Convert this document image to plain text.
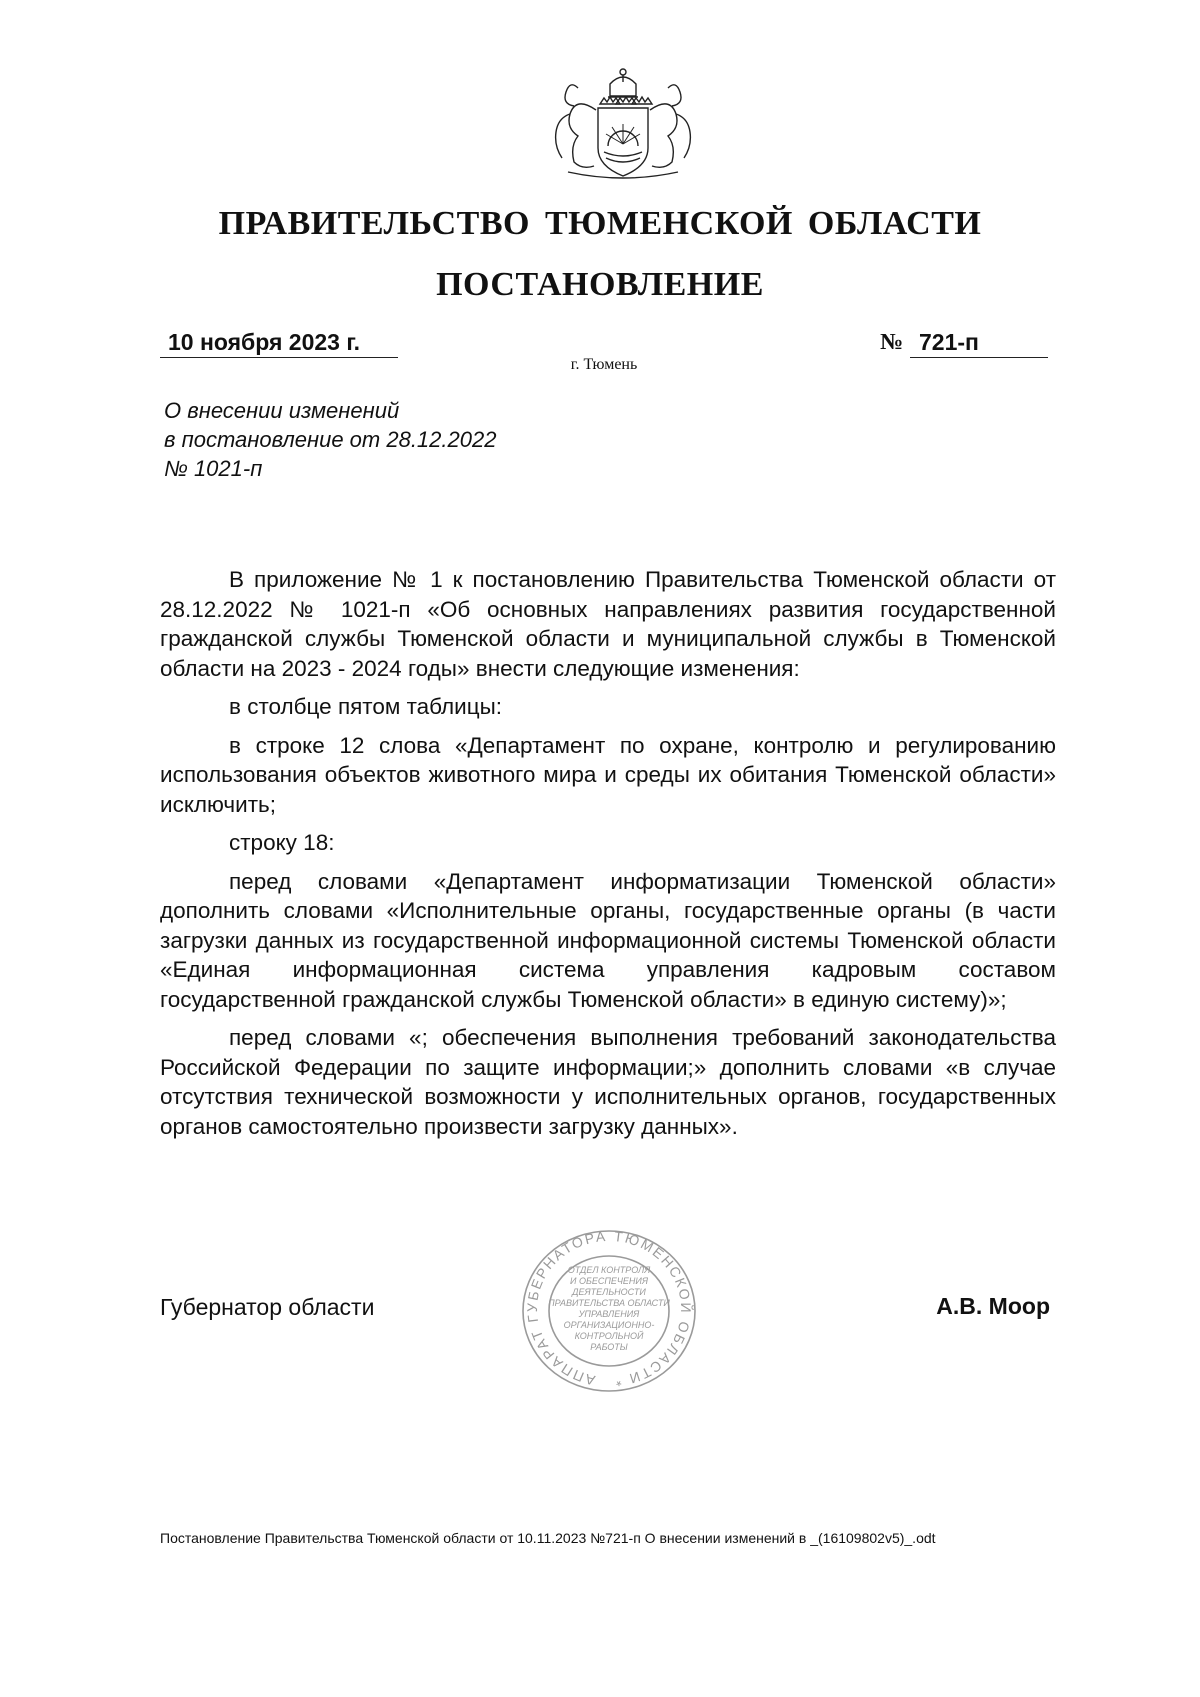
ПРАВИТЕЛЬСТВО ТЮМЕНСКОЙ ОБЛАСТИ
ПОСТАНОВЛЕНИЕ
10 ноября 2023 г.	№ 721-п
г. Тюмень
О внесении изменений
в постановление от 28.12.2022
№ 1021-п

В приложение № 1 к постановлению Правительства Тюменской области от 28.12.2022 № 1021-п «Об основных направлениях развития государственной гражданской службы Тюменской области и муниципальной службы в Тюменской области на 2023 - 2024 годы» внести следующие изменения:

в столбце пятом таблицы:

в строке 12 слова «Департамент по охране, контролю и регулированию использования объектов животного мира и среды их обитания Тюменской области» исключить;

строку 18:

перед словами «Департамент информатизации Тюменской области» дополнить словами «Исполнительные органы, государственные органы (в части загрузки данных из государственной информационной системы Тюменской области «Единая информационная система управления кадровым составом государственной гражданской службы Тюменской области» в единую систему)»;

перед словами «; обеспечения выполнения требований законодательства Российской Федерации по защите информации;» дополнить словами «в случае отсутствия технической возможности у исполнительных органов, государственных органов самостоятельно произвести загрузку данных».

АППАРАТ ГУБЕРНАТОРА ТЮМЕНСКОЙ ОБЛАСТИ *
ОТДЕЛ КОНТРОЛЯ
И ОБЕСПЕЧЕНИЯ
ДЕЯТЕЛЬНОСТИ
ПРАВИТЕЛЬСТВА ОБЛАСТИ
УПРАВЛЕНИЯ
ОРГАНИЗАЦИОННО-
КОНТРОЛЬНОЙ
РАБОТЫ
Губернатор области	А.В. Моор
Постановление Правительства Тюменской области от 10.11.2023 №721-п О внесении изменений в _(16109802v5)_.odt
